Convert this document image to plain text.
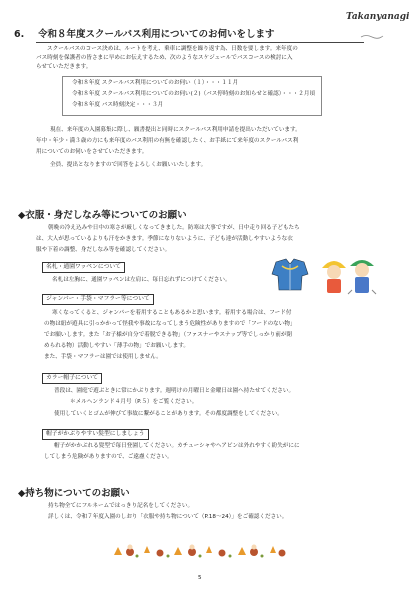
Takanyanagi
6. 令和８年度スクールバス利用についてのお伺いをします
スクールバスのコース決めは、ルートを考え、乗車に調整を繰り返す為、日数を要します。来年度の
バス時刻を保護者の皆さまに早めにお伝えするため、次のようなスケジュールでバスコースの検討に入
らせていただきます。
令和８年度 スクールバス利用についてのお伺い（１）・・・１１月
令和８年度 スクールバス利用についてのお伺い(２)（バス停時刻のお知らせと確認）・・・２月頃
令和８年度 バス時刻決定・・・３月
現在、来年度の入園募集に際し、願書提出と同時にスクールバス利用申請を提出いただいています。
年中・年少・満３歳の方にも来年度のバス利用の有無を確認したく、お手紙にて来年度のスクールバス利
用についてのお伺いをさせていただきます。
全員、提出となりますので回答をよろしくお願いいたします。
◆衣服・身だしなみ等についてのお願い
朝晩の冷え込みや日中の寒さが厳しくなってきました。防寒は大事ですが、日中走り回る子どもたち
は、大人が思っているよりも汗をかきます。季節になりないように、子ども達が活動しやすいような衣
服や下着の調整、身だしなみ等を確認してください。
名札・通園ワッペンについて
名札は左胸に、通園ワッペンは左肩に、毎日忘れずにつけてください。
ジャンパー・手袋・マフラー等について
寒くなってくると、ジャンパーを着用することもあるかと思います。着用する場合は、フード付
の物は紐が遊具に引っかかって怪我や事故になってしまう危険性がありますので「フードのない物」
でお願いします。また「お子様が自分で着脱できる物」（ファスナーやスナップ等でしっかり前が閉
められる物）活動しやすい「薄手の物」でお願いします。
また、手袋・マフラーは園では使用しません。
カラー帽子について
普段は、園庭で遊ぶときに常にかぶります。週明けの月曜日と金曜日は園へ持たせてください。
＊メルヘンランド４月号（P.５）をご覧ください。
使用していくとゴムが伸びて事故に繋がることがあります。その都度調整をしてください。
帽子がかぶりやすい髪型にしましょう
帽子がかかぶれる髪型で毎日登園してください。カチューシャやヘアピンは外れやすく紛失がにに
してしまう危険がありますので、ご遠慮ください。
◆持ち物についてのお願い
持ち物全てにフルネームではっきり記名をしてください。
詳しくは、令和７年度入園のしおり「衣服や持ち物について（P.18～24）」をご確認ください。
5
